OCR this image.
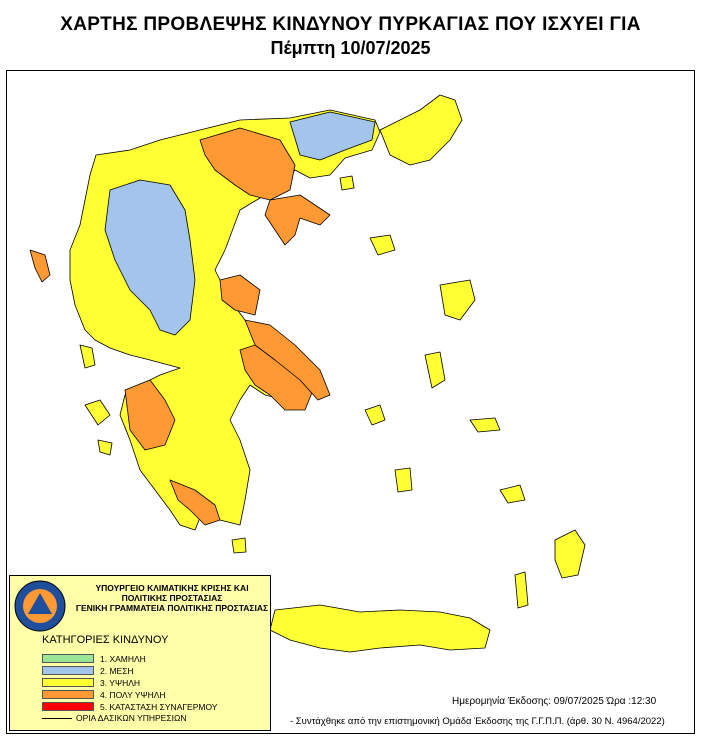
ΧΑΡΤΗΣ ΠΡΟΒΛΕΨΗΣ ΚΙΝΔΥΝΟΥ ΠΥΡΚΑΓΙΑΣ ΠΟΥ ΙΣΧΥΕΙ ΓΙΑ
Πέμπτη 10/07/2025
ΥΠΟΥΡΓΕΙΟ ΚΛΙΜΑΤΙΚΗΣ ΚΡΙΣΗΣ ΚΑΙ
ΠΟΛΙΤΙΚΗΣ ΠΡΟΣΤΑΣΙΑΣ
ΓΕΝΙΚΗ ΓΡΑΜΜΑΤΕΙΑ ΠΟΛΙΤΙΚΗΣ ΠΡΟΣΤΑΣΙΑΣ
ΚΑΤΗΓΟΡΙΕΣ ΚΙΝΔΥΝΟΥ
1. ΧΑΜΗΛΗ
2. ΜΕΣΗ
3. ΥΨΗΛΗ
4. ΠΟΛΥ ΥΨΗΛΗ
5. ΚΑΤΑΣΤΑΣΗ ΣΥΝΑΓΕΡΜΟΥ
ΟΡΙΑ ΔΑΣΙΚΩΝ ΥΠΗΡΕΣΙΩΝ
Ημερομηνία Έκδοσης: 09/07/2025 Ώρα :12:30
- Συντάχθηκε από την επιστημονική Ομάδα Έκδοσης της Γ.Γ.Π.Π. (άρθ. 30 Ν. 4964/2022)
